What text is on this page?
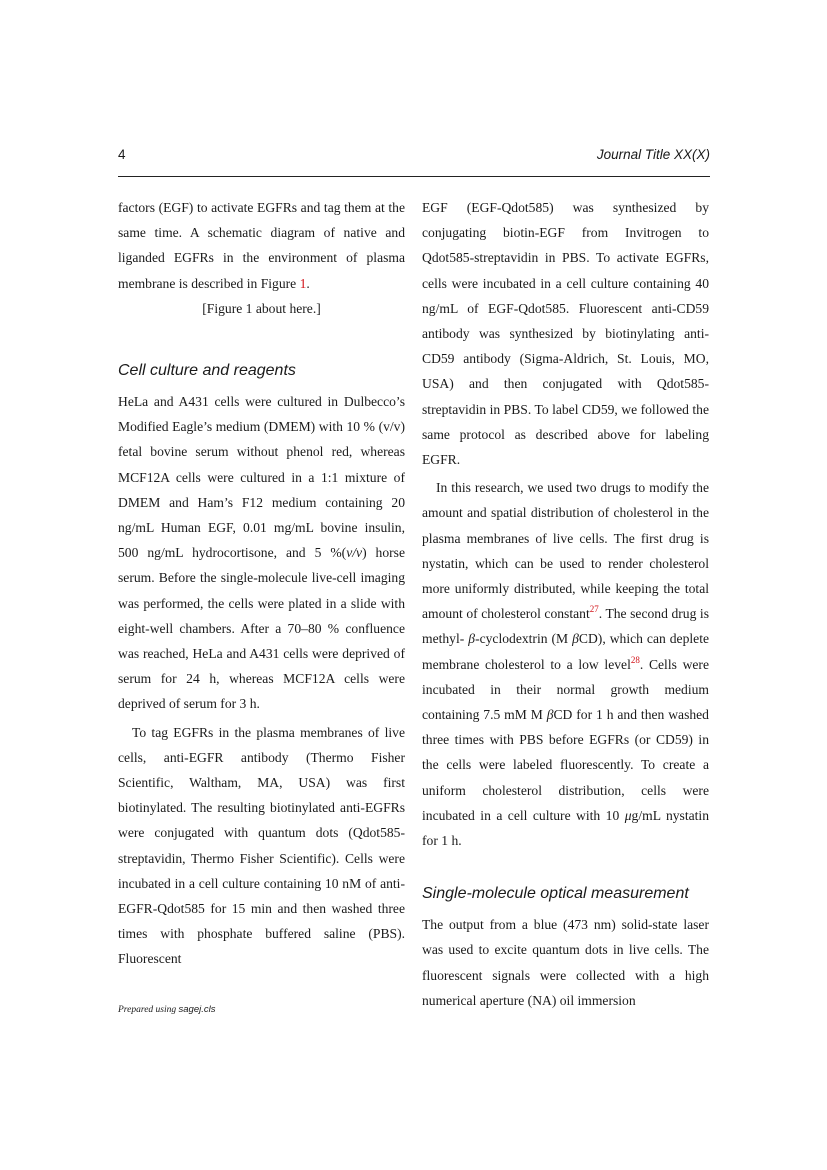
4	Journal Title XX(X)

factors (EGF) to activate EGFRs and tag them at the same time. A schematic diagram of native and liganded EGFRs in the environment of plasma membrane is described in Figure 1.

[Figure 1 about here.]

Cell culture and reagents

HeLa and A431 cells were cultured in Dulbecco’s Modified Eagle’s medium (DMEM) with 10 % (v/v) fetal bovine serum without phenol red, whereas MCF12A cells were cultured in a 1:1 mixture of DMEM and Ham’s F12 medium containing 20 ng/mL Human EGF, 0.01 mg/mL bovine insulin, 500 ng/mL hydrocortisone, and 5 %(v/v) horse serum. Before the single-molecule live-cell imaging was performed, the cells were plated in a slide with eight-well chambers. After a 70–80 % confluence was reached, HeLa and A431 cells were deprived of serum for 24 h, whereas MCF12A cells were deprived of serum for 3 h.

To tag EGFRs in the plasma membranes of live cells, anti-EGFR antibody (Thermo Fisher Scientific, Waltham, MA, USA) was first biotinylated. The resulting biotinylated anti-EGFRs were conjugated with quantum dots (Qdot585-streptavidin, Thermo Fisher Scientific). Cells were incubated in a cell culture containing 10 nM of anti-EGFR-Qdot585 for 15 min and then washed three times with phosphate buffered saline (PBS). Fluorescent

EGF (EGF-Qdot585) was synthesized by conjugating biotin-EGF from Invitrogen to Qdot585-streptavidin in PBS. To activate EGFRs, cells were incubated in a cell culture containing 40 ng/mL of EGF-Qdot585. Fluorescent anti-CD59 antibody was synthesized by biotinylating anti-CD59 antibody (Sigma-Aldrich, St. Louis, MO, USA) and then conjugated with Qdot585-streptavidin in PBS. To label CD59, we followed the same protocol as described above for labeling EGFR.

In this research, we used two drugs to modify the amount and spatial distribution of cholesterol in the plasma membranes of live cells. The first drug is nystatin, which can be used to render cholesterol more uniformly distributed, while keeping the total amount of cholesterol constant$^{27}$. The second drug is methyl- β-cyclodextrin (M βCD), which can deplete membrane cholesterol to a low level$^{28}$. Cells were incubated in their normal growth medium containing 7.5 mM M βCD for 1 h and then washed three times with PBS before EGFRs (or CD59) in the cells were labeled fluorescently. To create a uniform cholesterol distribution, cells were incubated in a cell culture with 10 μg/mL nystatin for 1 h.

Single-molecule optical measurement

The output from a blue (473 nm) solid-state laser was used to excite quantum dots in live cells. The fluorescent signals were collected with a high numerical aperture (NA) oil immersion

Prepared using sagej.cls
